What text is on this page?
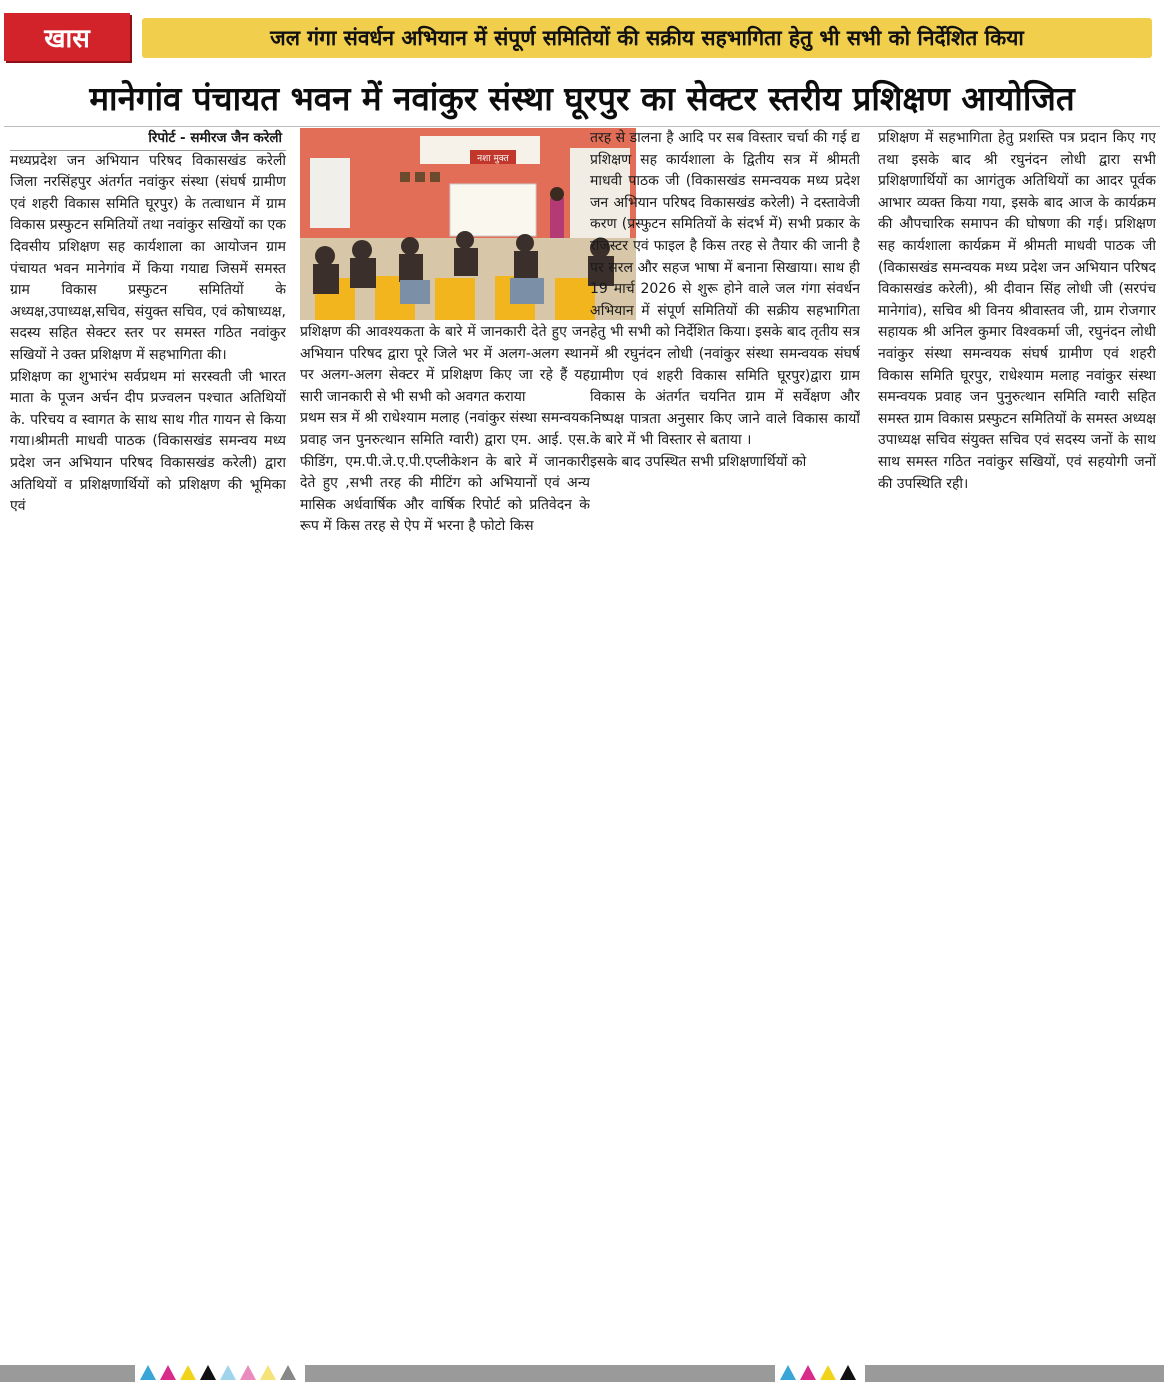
खास	जल गंगा संवर्धन अभियान में संपूर्ण समितियों की सक्रीय सहभागिता हेतु भी सभी को निर्देशित किया
मानेगांव पंचायत भवन में नवांकुर संस्था घूरपुर का सेक्टर स्तरीय प्रशिक्षण आयोजित

रिपोर्ट - समीरज जैन करेली

मध्यप्रदेश जन अभियान परिषद विकासखंड करेली जिला नरसिंहपुर अंतर्गत नवांकुर संस्था (संघर्ष ग्रामीण एवं शहरी विकास समिति घूरपुर) के तत्वाधान में ग्राम विकास प्रस्फुटन समितियों तथा नवांकुर सखियों का एक दिवसीय प्रशिक्षण सह कार्यशाला का आयोजन ग्राम पंचायत भवन मानेगांव में किया गयाद्य जिसमें समस्त ग्राम विकास प्रस्फुटन समितियों के अध्यक्ष,उपाध्यक्ष,सचिव, संयुक्त सचिव, एवं कोषाध्यक्ष, सदस्य सहित सेक्टर स्तर पर समस्त गठित नवांकुर सखियों ने उक्त प्रशिक्षण में सहभागिता की।

प्रशिक्षण का शुभारंभ सर्वप्रथम मां सरस्वती जी भारत माता के पूजन अर्चन दीप प्रज्वलन पश्चात अतिथियों के. परिचय व स्वागत के साथ साथ गीत गायन से किया गया।श्रीमती माधवी पाठक (विकासखंड समन्वय मध्य प्रदेश जन अभियान परिषद विकासखंड करेली) द्वारा अतिथियों व प्रशिक्षणार्थियों को प्रशिक्षण की भूमिका एवं

नशा मुक्त

प्रशिक्षण की आवश्यकता के बारे में जानकारी देते हुए जन अभियान परिषद द्वारा पूरे जिले भर में अलग-अलग स्थान पर अलग-अलग सेक्टर में प्रशिक्षण किए जा रहे हैं यह सारी जानकारी से भी सभी को अवगत कराया

प्रथम सत्र में श्री राधेश्याम मलाह (नवांकुर संस्था समन्वयक प्रवाह जन पुनरुत्थान समिति ग्वारी) द्वारा एम. आई. एस. फीडिंग, एम.पी.जे.ए.पी.एप्लीकेशन के बारे में जानकारी देते हुए ,सभी तरह की मीटिंग को अभियानों एवं अन्य मासिक अर्धवार्षिक और वार्षिक रिपोर्ट को प्रतिवेदन के रूप में किस तरह से ऐप में भरना है फोटो किस

तरह से डालना है आदि पर सब विस्तार चर्चा की गई द्य प्रशिक्षण सह कार्यशाला के द्वितीय सत्र में श्रीमती माधवी पाठक जी (विकासखंड समन्वयक मध्य प्रदेश जन अभियान परिषद विकासखंड करेली) ने दस्तावेजी करण (प्रस्फुटन समितियों के संदर्भ में) सभी प्रकार के रजिस्टर एवं फाइल है किस तरह से तैयार की जानी है पर सरल और सहज भाषा में बनाना सिखाया। साथ ही 19 मार्च 2026 से शुरू होने वाले जल गंगा संवर्धन अभियान में संपूर्ण समितियों की सक्रीय सहभागिता हेतु भी सभी को निर्देशित किया। इसके बाद तृतीय सत्र में श्री रघुनंदन लोधी (नवांकुर संस्था समन्वयक संघर्ष ग्रामीण एवं शहरी विकास समिति घूरपुर)द्वारा ग्राम विकास के अंतर्गत चयनित ग्राम में सर्वेक्षण और निष्पक्ष पात्रता अनुसार किए जाने वाले विकास कार्यों के बारे में भी विस्तार से बताया ।

इसके बाद उपस्थित सभी प्रशिक्षणार्थियों को

प्रशिक्षण में सहभागिता हेतु प्रशस्ति पत्र प्रदान किए गए तथा इसके बाद श्री रघुनंदन लोधी द्वारा सभी प्रशिक्षणार्थियों का आगंतुक अतिथियों का आदर पूर्वक आभार व्यक्त किया गया, इसके बाद आज के कार्यक्रम की औपचारिक समापन की घोषणा की गई। प्रशिक्षण सह कार्यशाला कार्यक्रम में श्रीमती माधवी पाठक जी (विकासखंड समन्वयक मध्य प्रदेश जन अभियान परिषद विकासखंड करेली), श्री दीवान सिंह लोधी जी (सरपंच मानेगांव), सचिव श्री विनय श्रीवास्तव जी, ग्राम रोजगार सहायक श्री अनिल कुमार विश्वकर्मा जी, रघुनंदन लोधी नवांकुर संस्था समन्वयक संघर्ष ग्रामीण एवं शहरी विकास समिति घूरपुर, राधेश्याम मलाह नवांकुर संस्था समन्वयक प्रवाह जन पुनुरुत्थान समिति ग्वारी सहित समस्त ग्राम विकास प्रस्फुटन समितियों के समस्त अध्यक्ष उपाध्यक्ष सचिव संयुक्त सचिव एवं सदस्य जनों के साथ साथ समस्त गठित नवांकुर सखियों, एवं सहयोगी जनों की उपस्थिति रही।
